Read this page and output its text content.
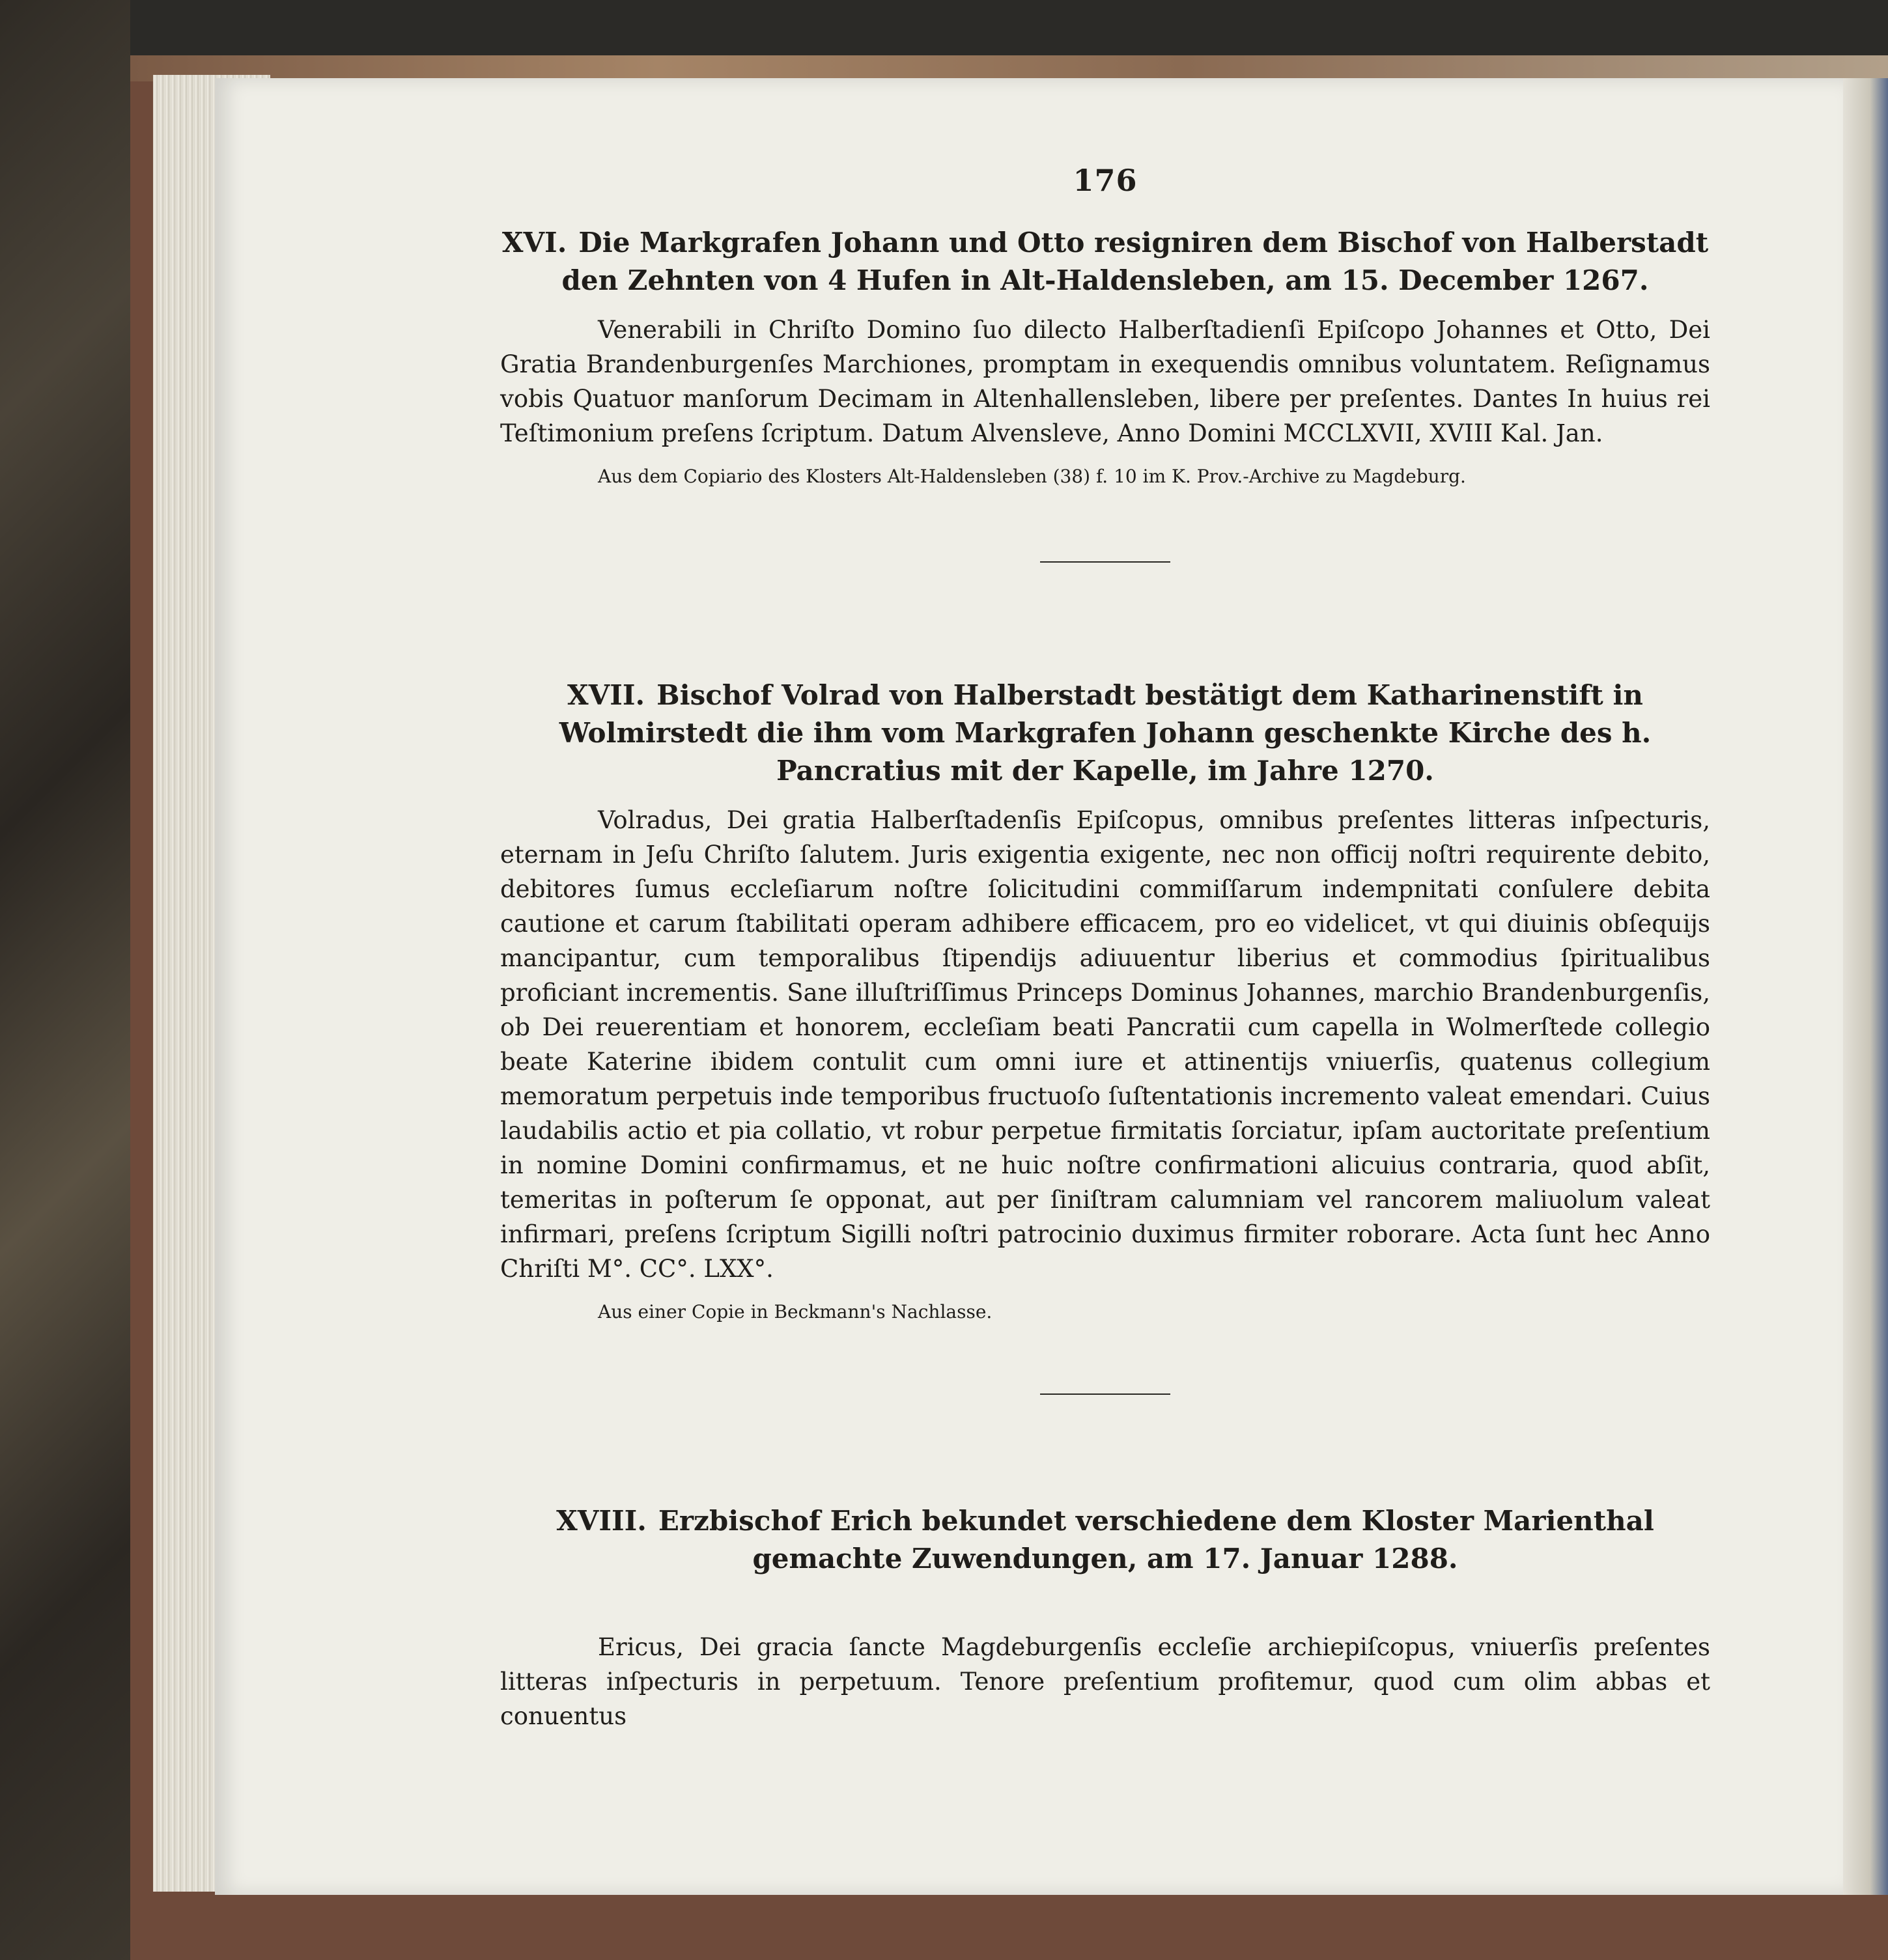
176
XVI. Die Markgrafen Johann und Otto resigniren dem Bischof von Halberstadt den Zehnten von 4 Hufen in Alt-Haldensleben, am 15. December 1267.

Venerabili in Chriſto Domino ſuo dilecto Halberſtadienſi Epiſcopo Johannes et Otto, Dei Gratia Brandenburgenſes Marchiones, promptam in exequendis omnibus voluntatem. Reſignamus vobis Quatuor manſorum Decimam in Altenhallensleben, libere per preſentes. Dantes In huius rei Teſtimonium preſens ſcriptum. Datum Alvensleve, Anno Domini MCCLXVII, XVIII Kal. Jan.

Aus dem Copiario des Klosters Alt-Haldensleben (38) f. 10 im K. Prov.-Archive zu Magdeburg.
XVII. Bischof Volrad von Halberstadt bestätigt dem Katharinenstift in Wolmirstedt die ihm vom Markgrafen Johann geschenkte Kirche des h. Pancratius mit der Kapelle, im Jahre 1270.

Volradus, Dei gratia Halberſtadenſis Epiſcopus, omnibus preſentes litteras inſpecturis, eternam in Jeſu Chriſto ſalutem. Juris exigentia exigente, nec non officij noſtri requirente debito, debitores ſumus eccleſiarum noſtre ſolicitudini commiſſarum indempnitati conſulere debita cautione et carum ſtabilitati operam adhibere efficacem, pro eo videlicet, vt qui diuinis obſequijs mancipantur, cum temporalibus ſtipendijs adiuuentur liberius et commodius ſpiritualibus proficiant incrementis. Sane illuſtriſſimus Princeps Dominus Johannes, marchio Brandenburgenſis, ob Dei reuerentiam et honorem, eccleſiam beati Pancratii cum capella in Wolmerſtede collegio beate Katerine ibidem contulit cum omni iure et attinentijs vniuerſis, quatenus collegium memoratum perpetuis inde temporibus fructuoſo ſuſtentationis incremento valeat emendari. Cuius laudabilis actio et pia collatio, vt robur perpetue firmitatis ſorciatur, ipſam auctoritate preſentium in nomine Domini confirmamus, et ne huic noſtre confirmationi alicuius contraria, quod abſit, temeritas in poſterum ſe opponat, aut per ſiniſtram calumniam vel rancorem maliuolum valeat infirmari, preſens ſcriptum Sigilli noſtri patrocinio duximus firmiter roborare. Acta ſunt hec Anno Chriſti M°. CC°. LXX°.

Aus einer Copie in Beckmann's Nachlasse.
XVIII. Erzbischof Erich bekundet verschiedene dem Kloster Marienthal gemachte Zuwendungen, am 17. Januar 1288.

Ericus, Dei gracia ſancte Magdeburgenſis eccleſie archiepiſcopus, vniuerſis preſentes litteras inſpecturis in perpetuum. Tenore preſentium profitemur, quod cum olim abbas et conuentus
